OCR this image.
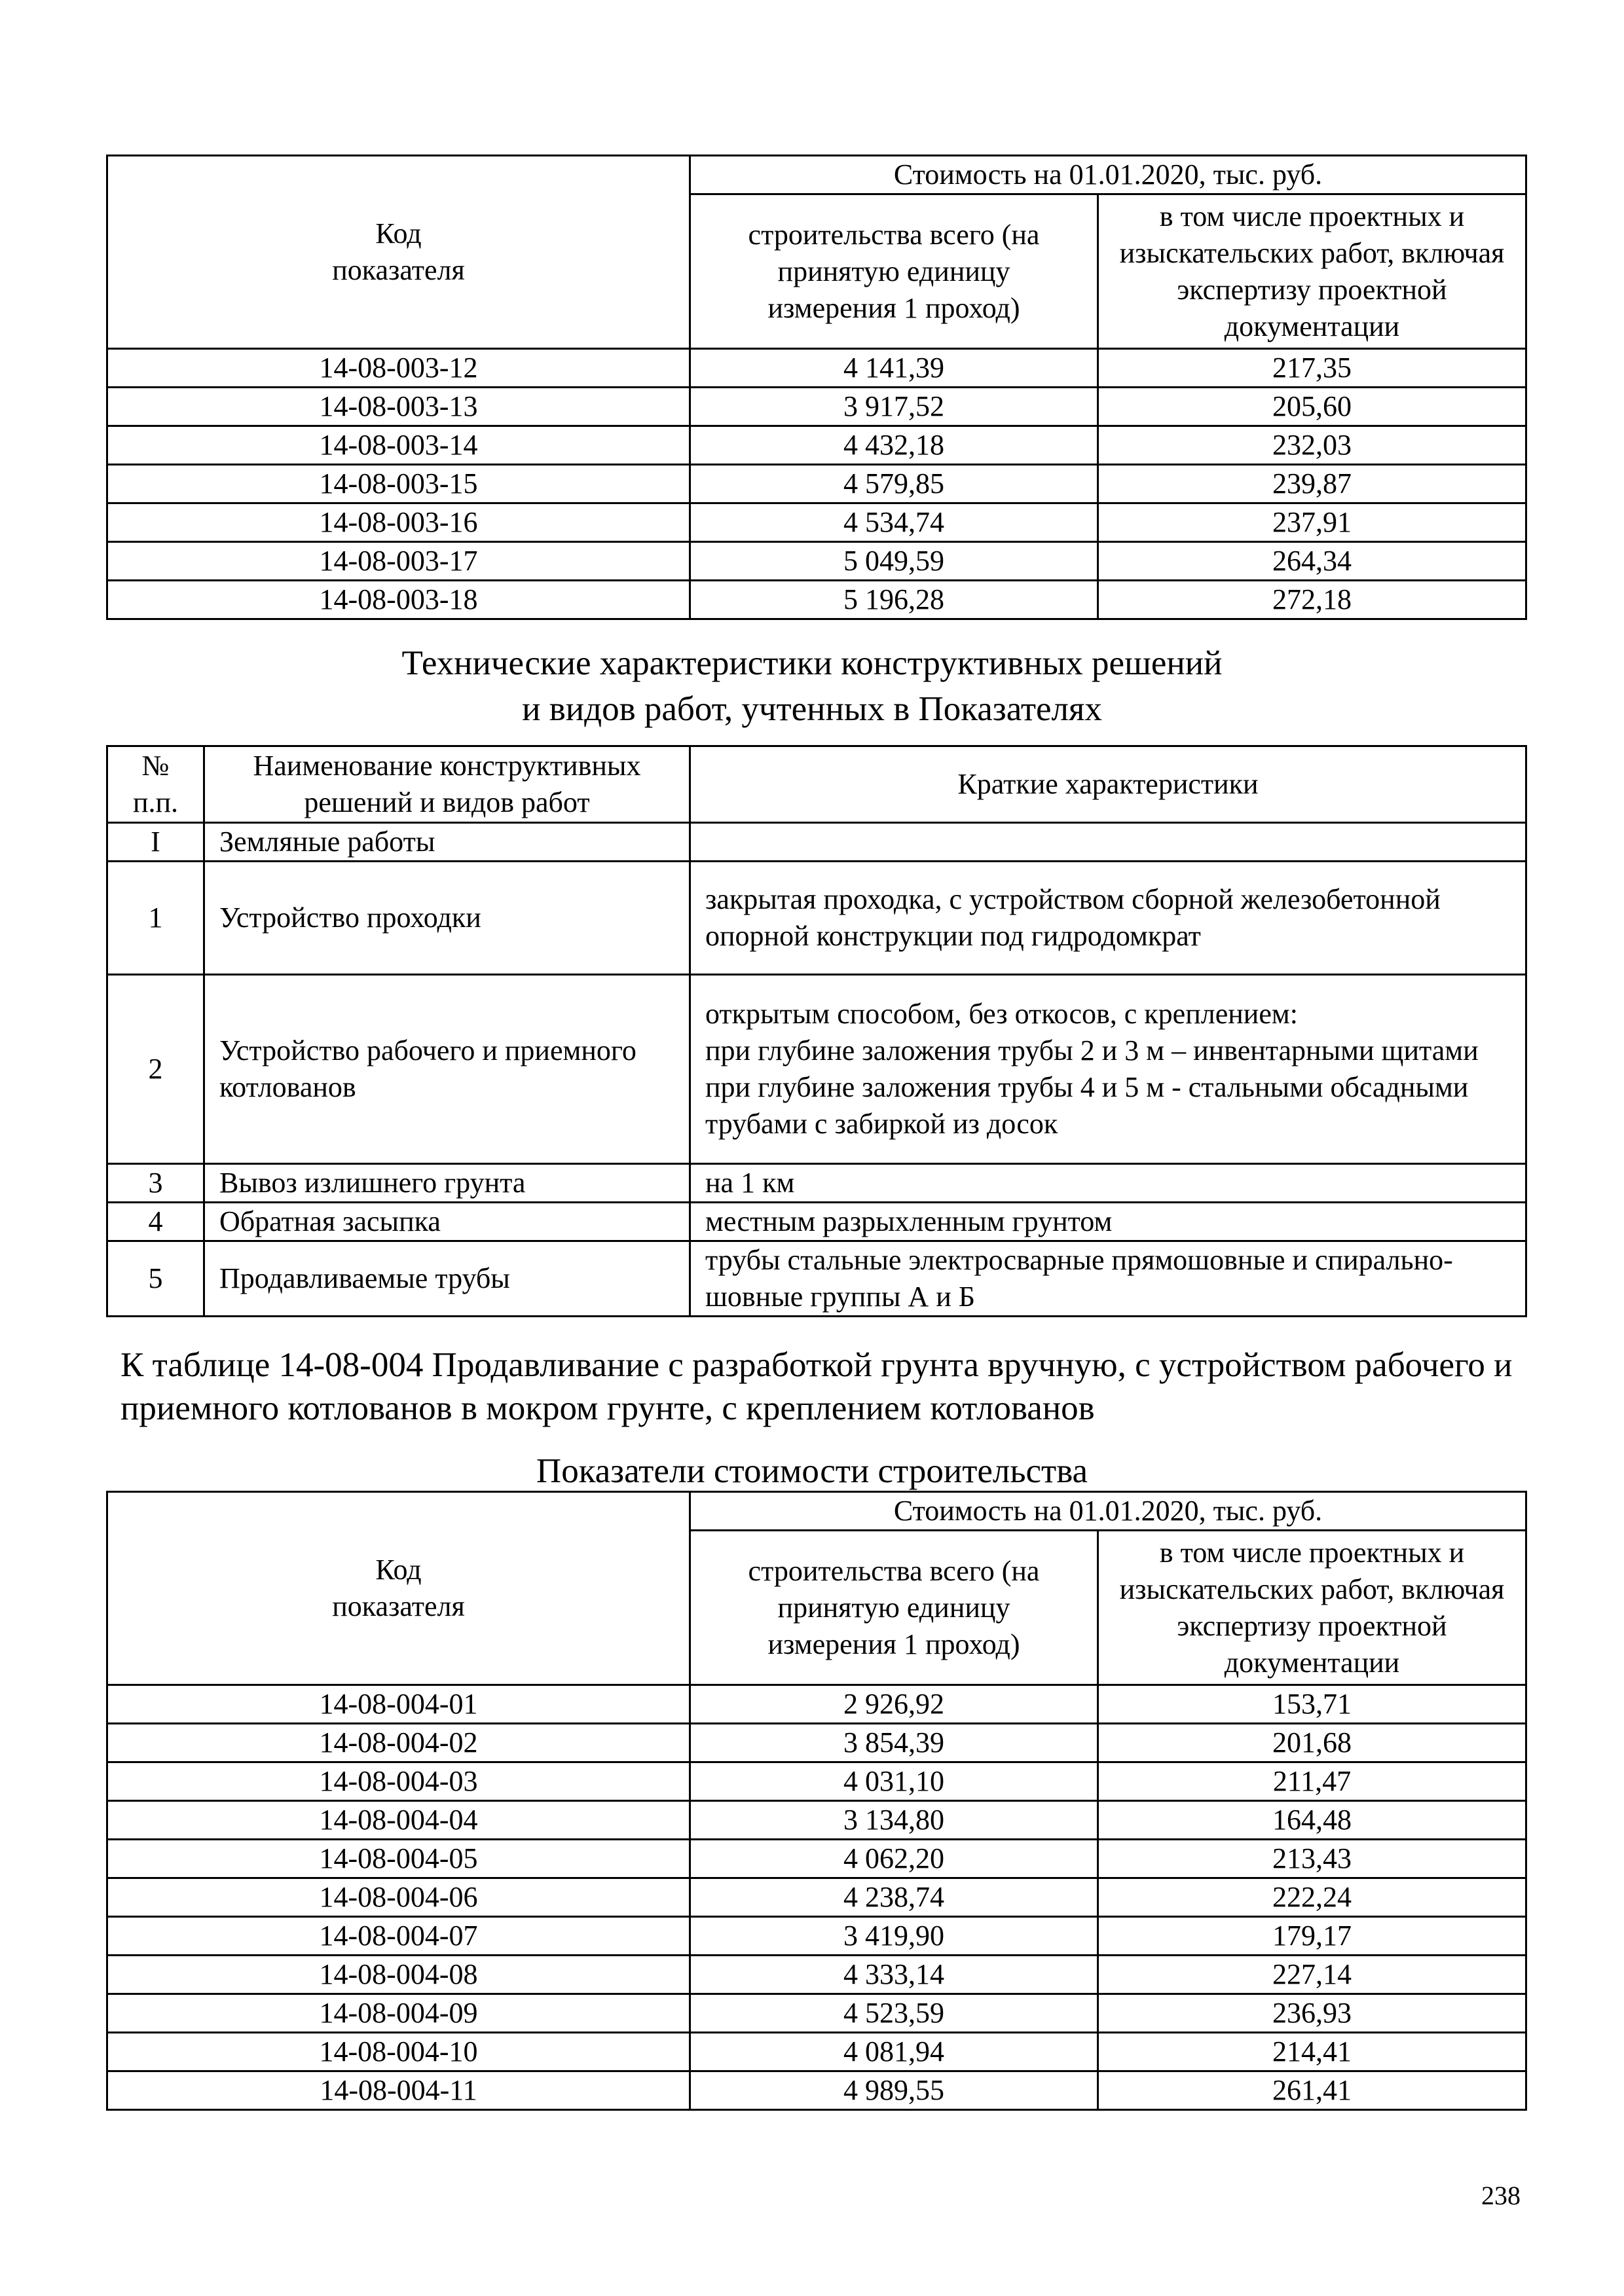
Код
показателя	Стоимость на 01.01.2020, тыс. руб.	
	строительства всего (на принятую единицу измерения 1 проход)	в том числе проектных и изыскательских работ, включая экспертизу проектной документации
14-08-003-12	4 141,39	217,35
14-08-003-13	3 917,52	205,60
14-08-003-14	4 432,18	232,03
14-08-003-15	4 579,85	239,87
14-08-003-16	4 534,74	237,91
14-08-003-17	5 049,59	264,34
14-08-003-18	5 196,28	272,18
Технические характеристики конструктивных решений
и видов работ, учтенных в Показателях
№ п.п.	Наименование конструктивных решений и видов работ	Краткие характеристики
I	Земляные работы	
1	Устройство проходки	закрытая проходка, с устройством сборной железобетонной опорной конструкции под гидродомкрат
2	Устройство рабочего и приемного котлованов	открытым способом, без откосов, с креплением:
при глубине заложения трубы 2 и 3 м – инвентарными щитами
при глубине заложения трубы 4 и 5 м - стальными обсадными трубами с забиркой из досок
3	Вывоз излишнего грунта	на 1 км
4	Обратная засыпка	местным разрыхленным грунтом
5	Продавливаемые трубы	трубы стальные электросварные прямошовные и спирально-шовные группы А и Б
К таблице 14-08-004 Продавливание с разработкой грунта вручную, с устройством рабочего и приемного котлованов в мокром грунте, с креплением котлованов
Показатели стоимости строительства
Код
показателя	Стоимость на 01.01.2020, тыс. руб.	
	строительства всего (на принятую единицу измерения 1 проход)	в том числе проектных и изыскательских работ, включая экспертизу проектной документации
14-08-004-01	2 926,92	153,71
14-08-004-02	3 854,39	201,68
14-08-004-03	4 031,10	211,47
14-08-004-04	3 134,80	164,48
14-08-004-05	4 062,20	213,43
14-08-004-06	4 238,74	222,24
14-08-004-07	3 419,90	179,17
14-08-004-08	4 333,14	227,14
14-08-004-09	4 523,59	236,93
14-08-004-10	4 081,94	214,41
14-08-004-11	4 989,55	261,41
238
